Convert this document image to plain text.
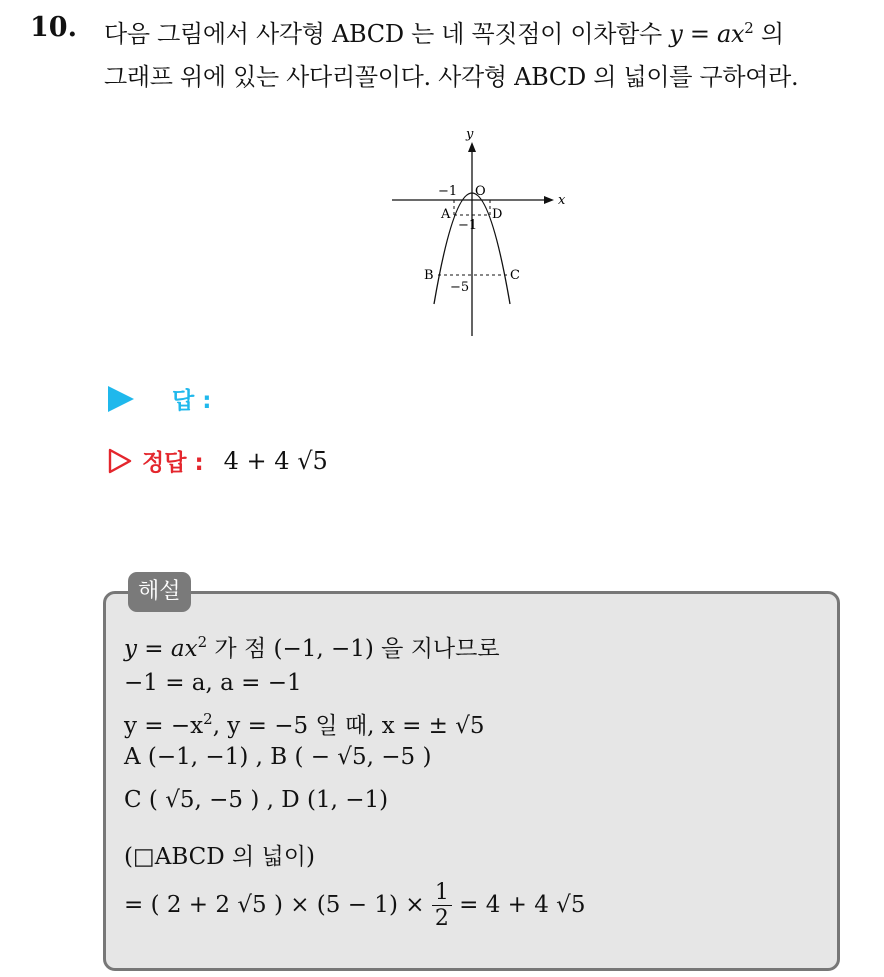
10. 다음 그림에서 사각형 ABCD 는 네 꼭짓점이 이차함수 $y = ax^2$ 의
그래프 위에 있는 사다리꼴이다. 사각형 ABCD 의 넓이를 구하여라.
y
x
−1 O
A	D
−1
B	C
−5
답 :
정답 : 4 + 4 √5
해설
$y = ax^2$ 가 점 (−1, −1) 을 지나므로
−1 = a, a = −1
$y = -x^2$, y = −5 일 때, x = ± √5
A (−1, −1) , B ( − √5, −5 )
C ( √5, −5 ) , D (1, −1)
(□ABCD 의 넓이)
= ( 2 + 2 √5 ) × $(5 - 1) \times \frac{1}{2} = 4 + 4$ √5
